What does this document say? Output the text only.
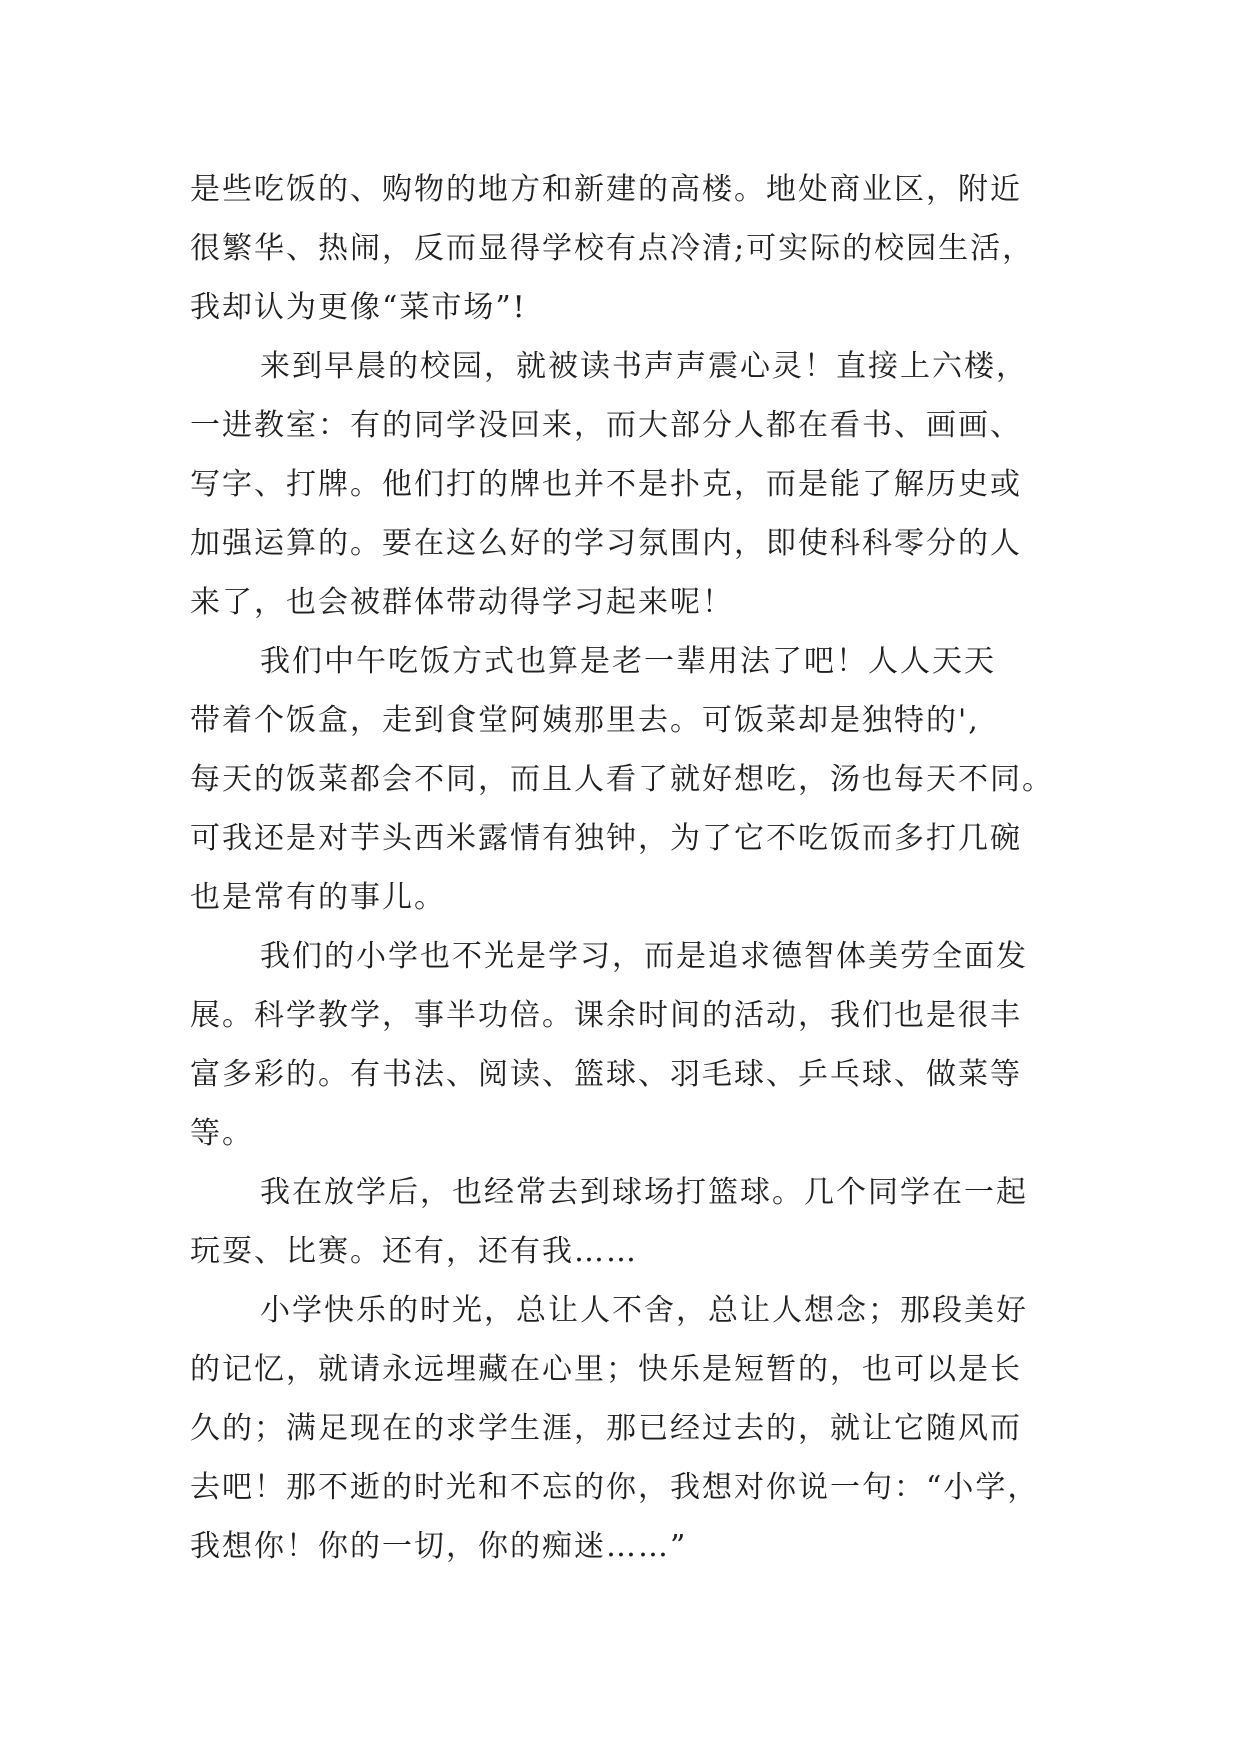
是些吃饭的、购物的地方和新建的高楼。地处商业区，附近
很繁华、热闹，反而显得学校有点冷清;可实际的校园生活，
我却认为更像“菜市场”!
来到早晨的校园，就被读书声声震心灵！直接上六楼，
一进教室：有的同学没回来，而大部分人都在看书、画画、
写字、打牌。他们打的牌也并不是扑克，而是能了解历史或
加强运算的。要在这么好的学习氛围内，即使科科零分的人
来了，也会被群体带动得学习起来呢！
我们中午吃饭方式也算是老一辈用法了吧！人人天天
带着个饭盒，走到食堂阿姨那里去。可饭菜却是独特的',
每天的饭菜都会不同，而且人看了就好想吃，汤也每天不同。
可我还是对芋头西米露情有独钟，为了它不吃饭而多打几碗
也是常有的事儿。
我们的小学也不光是学习，而是追求德智体美劳全面发
展。科学教学，事半功倍。课余时间的活动，我们也是很丰
富多彩的。有书法、阅读、篮球、羽毛球、乒乓球、做菜等
等。
我在放学后，也经常去到球场打篮球。几个同学在一起
玩耍、比赛。还有，还有我……
小学快乐的时光，总让人不舍，总让人想念；那段美好
的记忆，就请永远埋藏在心里；快乐是短暂的，也可以是长
久的；满足现在的求学生涯，那已经过去的，就让它随风而
去吧！那不逝的时光和不忘的你，我想对你说一句：“小学，
我想你！你的一切，你的痴迷……”
